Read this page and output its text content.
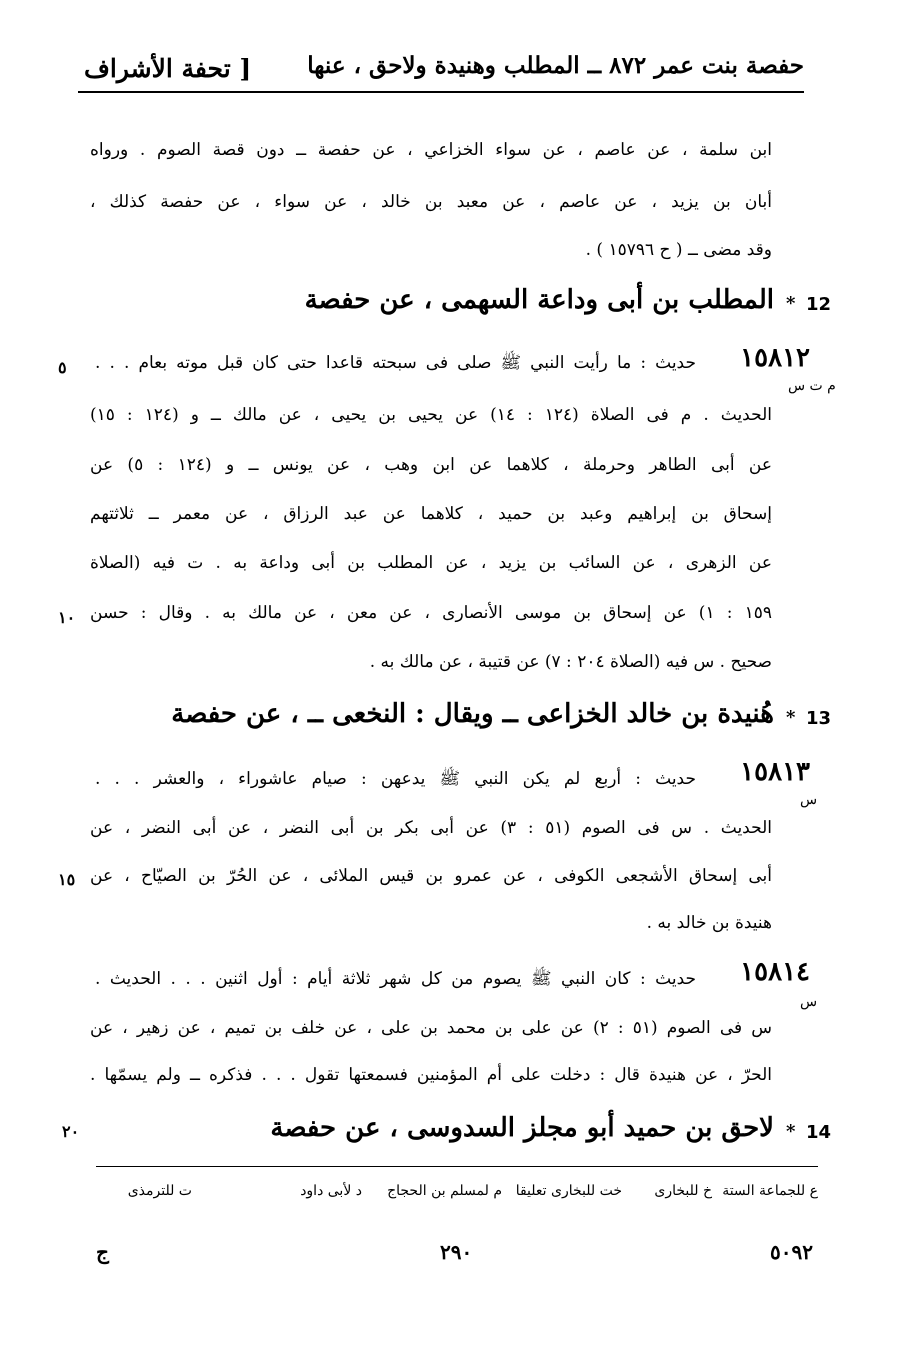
حفصة بنت عمر ٨٧٢ ــ المطلب وهنيدة ولاحق ، عنها
[ تحفة الأشراف
ابن سلمة ، عن عاصم ، عن سواء الخزاعي ، عن حفصة ــ دون قصة الصوم . ورواه
أبان بن يزيد ، عن عاصم ، عن معبد بن خالد ، عن سواء ، عن حفصة كذلك ،
وقد مضى ــ ( ح ١٥٧٩٦ ) .
12
*
المطلب بن أبى وداعة السهمى ، عن حفصة
١٥٨١٢
م ت س
حديث : ما رأيت النبي ﷺ صلى فى سبحته قاعدا حتى كان قبل موته بعام . . .
الحديث . م فى الصلاة (١٢٤ : ١٤) عن يحيى بن يحيى ، عن مالك ــ و (١٢٤ : ١٥)
عن أبى الطاهر وحرملة ، كلاهما عن ابن وهب ، عن يونس ــ و (١٢٤ : ٥) عن
إسحاق بن إبراهيم وعبد بن حميد ، كلاهما عن عبد الرزاق ، عن معمر ــ ثلاثتهم
عن الزهرى ، عن السائب بن يزيد ، عن المطلب بن أبى وداعة به . ت فيه (الصلاة
١٥٩ : ١) عن إسحاق بن موسى الأنصارى ، عن معن ، عن مالك به . وقال : حسن
صحيح . س فيه (الصلاة ٢٠٤ : ٧) عن قتيبة ، عن مالك به .
13
*
هُنيدة بن خالد الخزاعى ــ ويقال : النخعى ــ ، عن حفصة
١٥٨١٣
س
حديث : أربع لم يكن النبي ﷺ يدعهن : صيام عاشوراء ، والعشر . . .
الحديث . س فى الصوم (٥١ : ٣) عن أبى بكر بن أبى النضر ، عن أبى النضر ، عن
أبى إسحاق الأشجعى الكوفى ، عن عمرو بن قيس الملائى ، عن الحُرّ بن الصيّاح ، عن
هنيدة بن خالد به .
١٥٨١٤
س
حديث : كان النبي ﷺ يصوم من كل شهر ثلاثة أيام : أول اثنين . . . الحديث .
س فى الصوم (٥١ : ٢) عن على بن محمد بن على ، عن خلف بن تميم ، عن زهير ، عن
الحرّ ، عن هنيدة قال : دخلت على أم المؤمنين فسمعتها تقول . . . فذكره ــ ولم يسمّها .
14
*
لاحق بن حميد أبو مجلز السدوسى ، عن حفصة
٥
١٠
١٥
٢٠
ع للجماعة الستة
خ للبخارى
خت للبخارى تعليقا
م لمسلم بن الحجاج
د لأبى داود
ت للترمذى
٥٠٩٢
٢٩٠
ج
